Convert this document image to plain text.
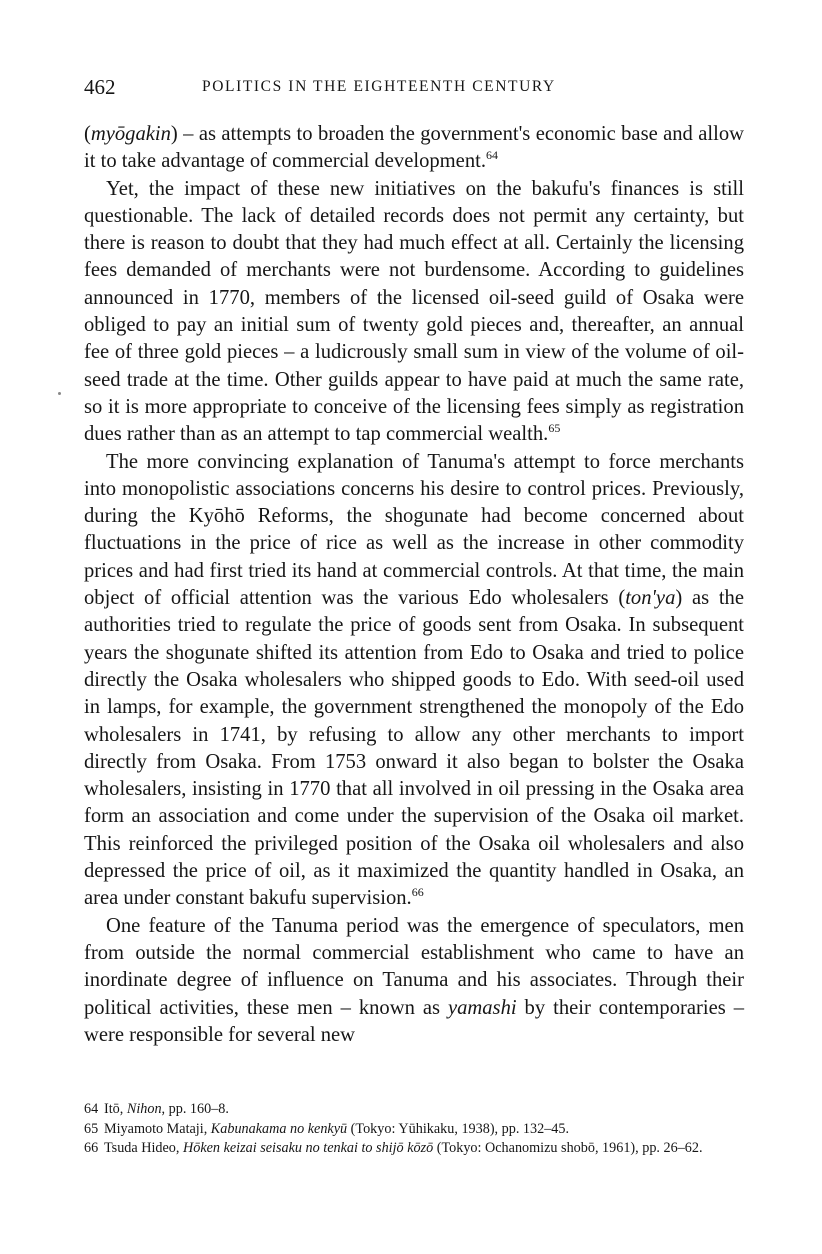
462	POLITICS IN THE EIGHTEENTH CENTURY

(myōgakin) – as attempts to broaden the government's economic base and allow it to take advantage of commercial development.$^{64}$

Yet, the impact of these new initiatives on the bakufu's finances is still questionable. The lack of detailed records does not permit any certainty, but there is reason to doubt that they had much effect at all. Certainly the licensing fees demanded of merchants were not burdensome. According to guidelines announced in 1770, members of the licensed oil-seed guild of Osaka were obliged to pay an initial sum of twenty gold pieces and, thereafter, an annual fee of three gold pieces – a ludicrously small sum in view of the volume of oil-seed trade at the time. Other guilds appear to have paid at much the same rate, so it is more appropriate to conceive of the licensing fees simply as registration dues rather than as an attempt to tap commercial wealth.$^{65}$

The more convincing explanation of Tanuma's attempt to force merchants into monopolistic associations concerns his desire to control prices. Previously, during the Kyōhō Reforms, the shogunate had become concerned about fluctuations in the price of rice as well as the increase in other commodity prices and had first tried its hand at commercial controls. At that time, the main object of official attention was the various Edo wholesalers (ton'ya) as the authorities tried to regulate the price of goods sent from Osaka. In subsequent years the shogunate shifted its attention from Edo to Osaka and tried to police directly the Osaka wholesalers who shipped goods to Edo. With seed-oil used in lamps, for example, the government strengthened the monopoly of the Edo wholesalers in 1741, by refusing to allow any other merchants to import directly from Osaka. From 1753 onward it also began to bolster the Osaka wholesalers, insisting in 1770 that all involved in oil pressing in the Osaka area form an association and come under the supervision of the Osaka oil market. This reinforced the privileged position of the Osaka oil wholesalers and also depressed the price of oil, as it maximized the quantity handled in Osaka, an area under constant bakufu supervision.$^{66}$

One feature of the Tanuma period was the emergence of speculators, men from outside the normal commercial establishment who came to have an inordinate degree of influence on Tanuma and his associates. Through their political activities, these men – known as yamashi by their contemporaries – were responsible for several new

64 Itō, Nihon, pp. 160–8.
65 Miyamoto Mataji, Kabunakama no kenkyū (Tokyo: Yūhikaku, 1938), pp. 132–45.
66 Tsuda Hideo, Hōken keizai seisaku no tenkai to shijō kōzō (Tokyo: Ochanomizu shobō, 1961), pp. 26–62.
